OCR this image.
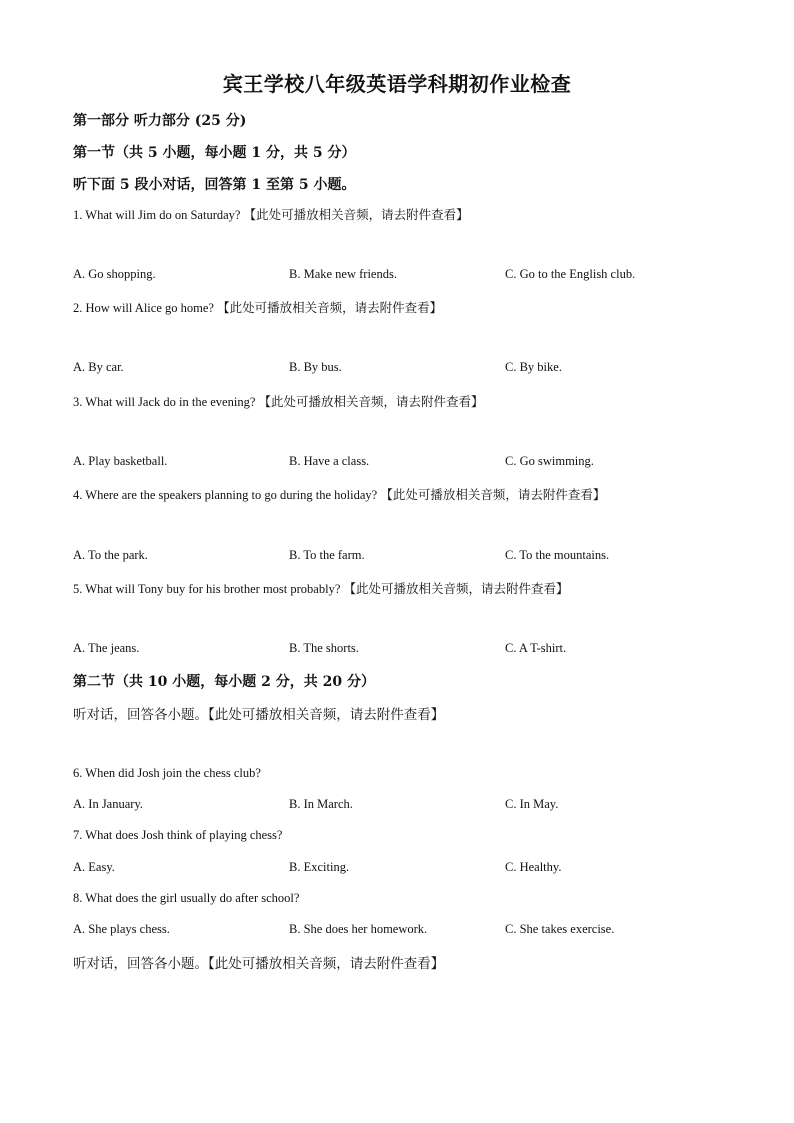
宾王学校八年级英语学科期初作业检查
第一部分 听力部分 (25 分)
第一节（共 5 小题，每小题 1 分，共 5 分）
听下面 5 段小对话，回答第 1 至第 5 小题。
1. What will Jim do on Saturday? 【此处可播放相关音频，请去附件查看】
A. Go shopping.	B. Make new friends.	C. Go to the English club.
2. How will Alice go home? 【此处可播放相关音频，请去附件查看】
A. By car.	B. By bus.	C. By bike.
3. What will Jack do in the evening? 【此处可播放相关音频，请去附件查看】
A. Play basketball.	B. Have a class.	C. Go swimming.
4. Where are the speakers planning to go during the holiday? 【此处可播放相关音频，请去附件查看】
A. To the park.	B. To the farm.	C. To the mountains.
5. What will Tony buy for his brother most probably? 【此处可播放相关音频，请去附件查看】
A. The jeans.	B. The shorts.	C. A T-shirt.
第二节（共 10 小题，每小题 2 分，共 20 分）
听对话，回答各小题。【此处可播放相关音频，请去附件查看】
6. When did Josh join the chess club?
A. In January.	B. In March.	C. In May.
7. What does Josh think of playing chess?
A. Easy.	B. Exciting.	C. Healthy.
8. What does the girl usually do after school?
A. She plays chess.	B. She does her homework.	C. She takes exercise.
听对话，回答各小题。【此处可播放相关音频，请去附件查看】
